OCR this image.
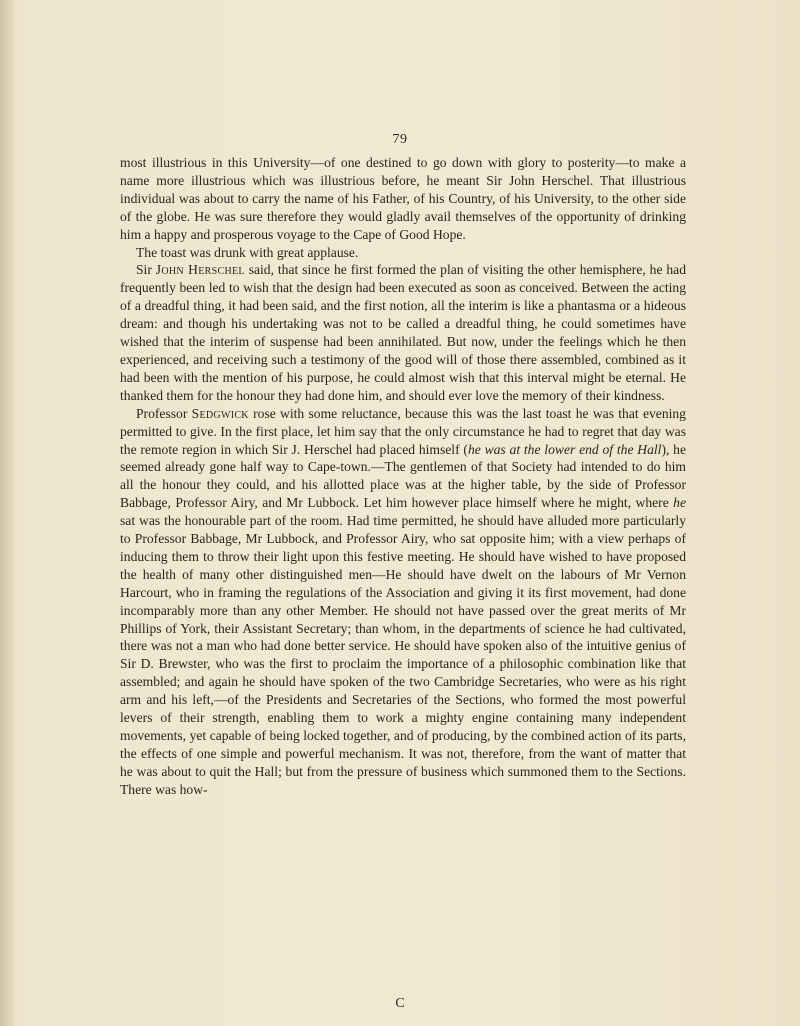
79

most illustrious in this University—of one destined to go down with glory to posterity—to make a name more illustrious which was illustrious before, he meant Sir John Herschel. That illustrious individual was about to carry the name of his Father, of his Country, of his University, to the other side of the globe. He was sure therefore they would gladly avail themselves of the opportunity of drinking him a happy and prosperous voyage to the Cape of Good Hope.

The toast was drunk with great applause.

Sir John Herschel said, that since he first formed the plan of visiting the other hemisphere, he had frequently been led to wish that the design had been executed as soon as conceived. Between the acting of a dreadful thing, it had been said, and the first notion, all the interim is like a phantasma or a hideous dream: and though his undertaking was not to be called a dreadful thing, he could sometimes have wished that the interim of suspense had been annihilated. But now, under the feelings which he then experienced, and receiving such a testimony of the good will of those there assembled, combined as it had been with the mention of his purpose, he could almost wish that this interval might be eternal. He thanked them for the honour they had done him, and should ever love the memory of their kindness.

Professor Sedgwick rose with some reluctance, because this was the last toast he was that evening permitted to give. In the first place, let him say that the only circumstance he had to regret that day was the remote region in which Sir J. Herschel had placed himself (he was at the lower end of the Hall), he seemed already gone half way to Cape-town.—The gentlemen of that Society had intended to do him all the honour they could, and his allotted place was at the higher table, by the side of Professor Babbage, Professor Airy, and Mr Lubbock. Let him however place himself where he might, where he sat was the honourable part of the room. Had time permitted, he should have alluded more particularly to Professor Babbage, Mr Lubbock, and Professor Airy, who sat opposite him; with a view perhaps of inducing them to throw their light upon this festive meeting. He should have wished to have proposed the health of many other distinguished men—He should have dwelt on the labours of Mr Vernon Harcourt, who in framing the regulations of the Association and giving it its first movement, had done incomparably more than any other Member. He should not have passed over the great merits of Mr Phillips of York, their Assistant Secretary; than whom, in the departments of science he had cultivated, there was not a man who had done better service. He should have spoken also of the intuitive genius of Sir D. Brewster, who was the first to proclaim the importance of a philosophic combination like that assembled; and again he should have spoken of the two Cambridge Secretaries, who were as his right arm and his left,—of the Presidents and Secretaries of the Sections, who formed the most powerful levers of their strength, enabling them to work a mighty engine containing many independent movements, yet capable of being locked together, and of producing, by the combined action of its parts, the effects of one simple and powerful mechanism. It was not, therefore, from the want of matter that he was about to quit the Hall; but from the pressure of business which summoned them to the Sections. There was how-

C
